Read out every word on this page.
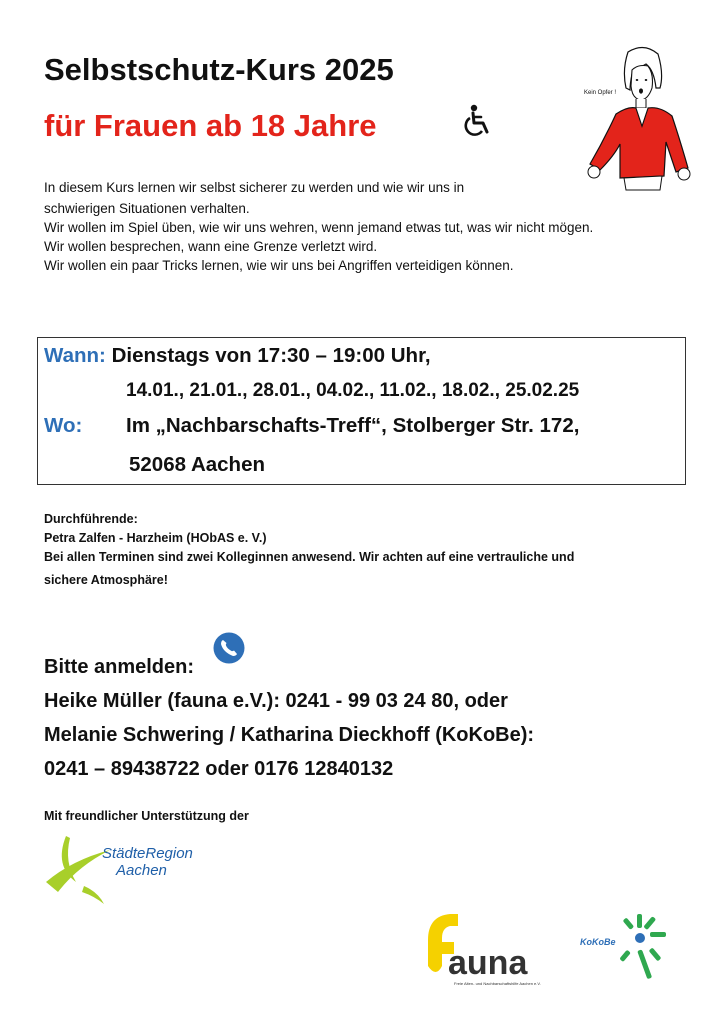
Selbstschutz-Kurs 2025
für Frauen ab 18 Jahre
Kein Opfer !

In diesem Kurs lernen wir selbst sicherer zu werden und wie wir uns in

schwierigen Situationen verhalten.

Wir wollen im Spiel üben, wie wir uns wehren, wenn jemand etwas tut, was wir nicht mögen.

Wir wollen besprechen, wann eine Grenze verletzt wird.

Wir wollen ein paar Tricks lernen, wie wir uns bei Angriffen verteidigen können.

Wann: Dienstags von 17:30 – 19:00 Uhr,
14.01., 21.01., 28.01., 04.02., 11.02., 18.02., 25.02.25
Wo: Im „Nachbarschafts-Treff“, Stolberger Str. 172,
52068 Aachen

Durchführende:

Petra Zalfen - Harzheim (HObAS e. V.)

Bei allen Terminen sind zwei Kolleginnen anwesend. Wir achten auf eine vertrauliche und

sichere Atmosphäre!

Bitte anmelden:

Heike Müller (fauna e.V.): 0241 - 99 03 24 80, oder

Melanie Schwering / Katharina Dieckhoff (KoKoBe):

0241 – 89438722 oder 0176 12840132

Mit freundlicher Unterstützung der
StädteRegion
Aachen
auna
Freie Alten- und Nachbarschaftshilfe Aachen e.V.
KoKoBe
